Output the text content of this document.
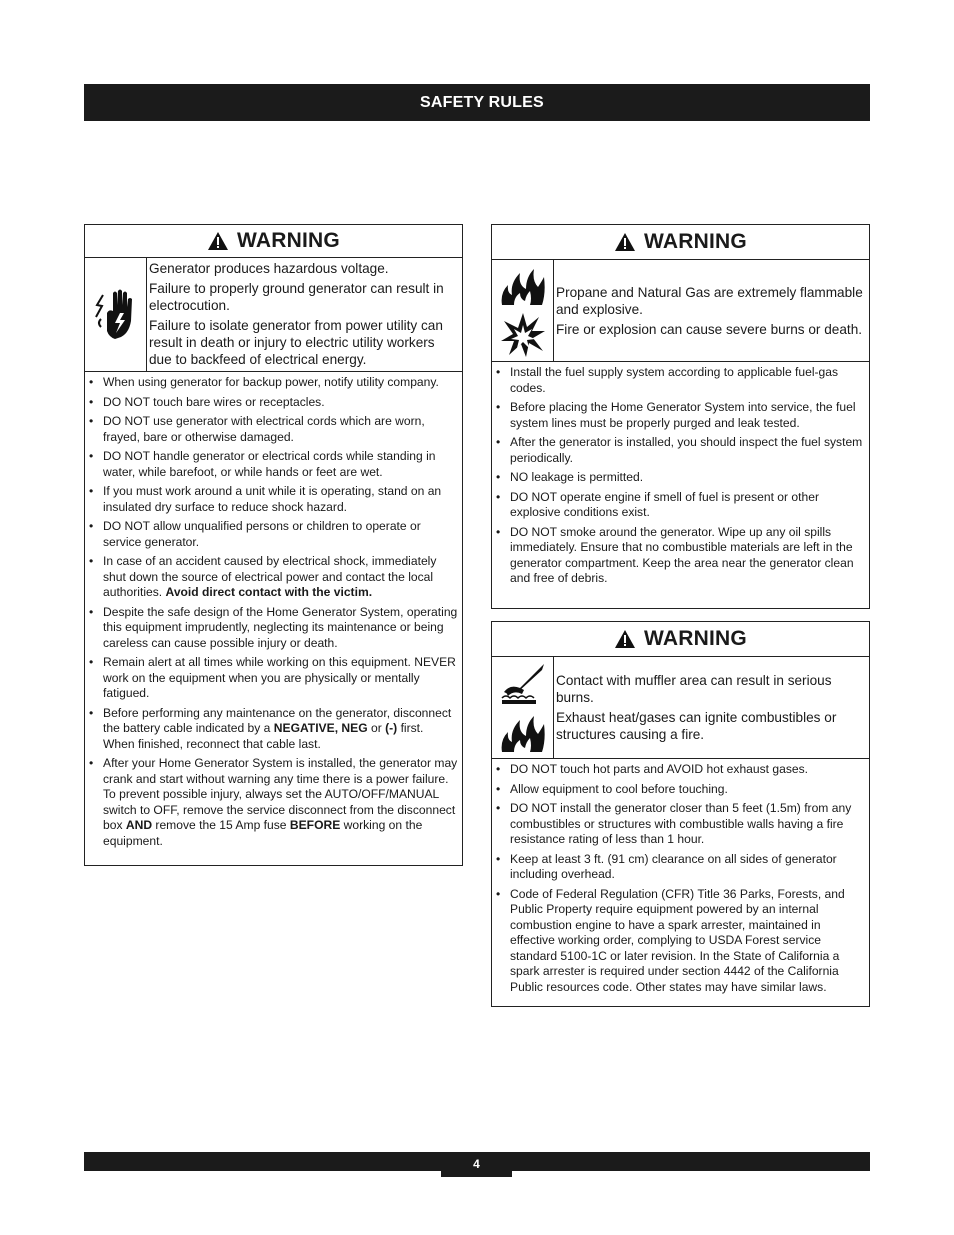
SAFETY RULES
WARNING

Generator produces hazardous voltage.

Failure to properly ground generator can result in electrocution.

Failure to isolate generator from power utility can result in death or injury to electric utility workers due to backfeed of electrical energy.

• When using generator for backup power, notify utility company.
• DO NOT touch bare wires or receptacles.
• DO NOT use generator with electrical cords which are worn, frayed, bare or otherwise damaged.
• DO NOT handle generator or electrical cords while standing in water, while barefoot, or while hands or feet are wet.
• If you must work around a unit while it is operating, stand on an insulated dry surface to reduce shock hazard.
• DO NOT allow unqualified persons or children to operate or service generator.
• In case of an accident caused by electrical shock, immediately shut down the source of electrical power and contact the local authorities. Avoid direct contact with the victim.
• Despite the safe design of the Home Generator System, operating this equipment imprudently, neglecting its maintenance or being careless can cause possible injury or death.
• Remain alert at all times while working on this equipment. NEVER work on the equipment when you are physically or mentally fatigued.
• Before performing any maintenance on the generator, disconnect the battery cable indicated by a NEGATIVE, NEG or (-) first. When finished, reconnect that cable last.
• After your Home Generator System is installed, the generator may crank and start without warning any time there is a power failure. To prevent possible injury, always set the AUTO/OFF/MANUAL switch to OFF, remove the service disconnect from the disconnect box AND remove the 15 Amp fuse BEFORE working on the equipment.
WARNING

Propane and Natural Gas are extremely flammable and explosive.

Fire or explosion can cause severe burns or death.

• Install the fuel supply system according to applicable fuel-gas codes.
• Before placing the Home Generator System into service, the fuel system lines must be properly purged and leak tested.
• After the generator is installed, you should inspect the fuel system periodically.
• NO leakage is permitted.
• DO NOT operate engine if smell of fuel is present or other explosive conditions exist.
• DO NOT smoke around the generator. Wipe up any oil spills immediately. Ensure that no combustible materials are left in the generator compartment. Keep the area near the generator clean and free of debris.
WARNING

Contact with muffler area can result in serious burns.

Exhaust heat/gases can ignite combustibles or structures causing a fire.

• DO NOT touch hot parts and AVOID hot exhaust gases.
• Allow equipment to cool before touching.
• DO NOT install the generator closer than 5 feet (1.5m) from any combustibles or structures with combustible walls having a fire resistance rating of less than 1 hour.
• Keep at least 3 ft. (91 cm) clearance on all sides of generator including overhead.
• Code of Federal Regulation (CFR) Title 36 Parks, Forests, and Public Property require equipment powered by an internal combustion engine to have a spark arrester, maintained in effective working order, complying to USDA Forest service standard 5100-1C or later revision. In the State of California a spark arrester is required under section 4442 of the California Public resources code. Other states may have similar laws.
4
